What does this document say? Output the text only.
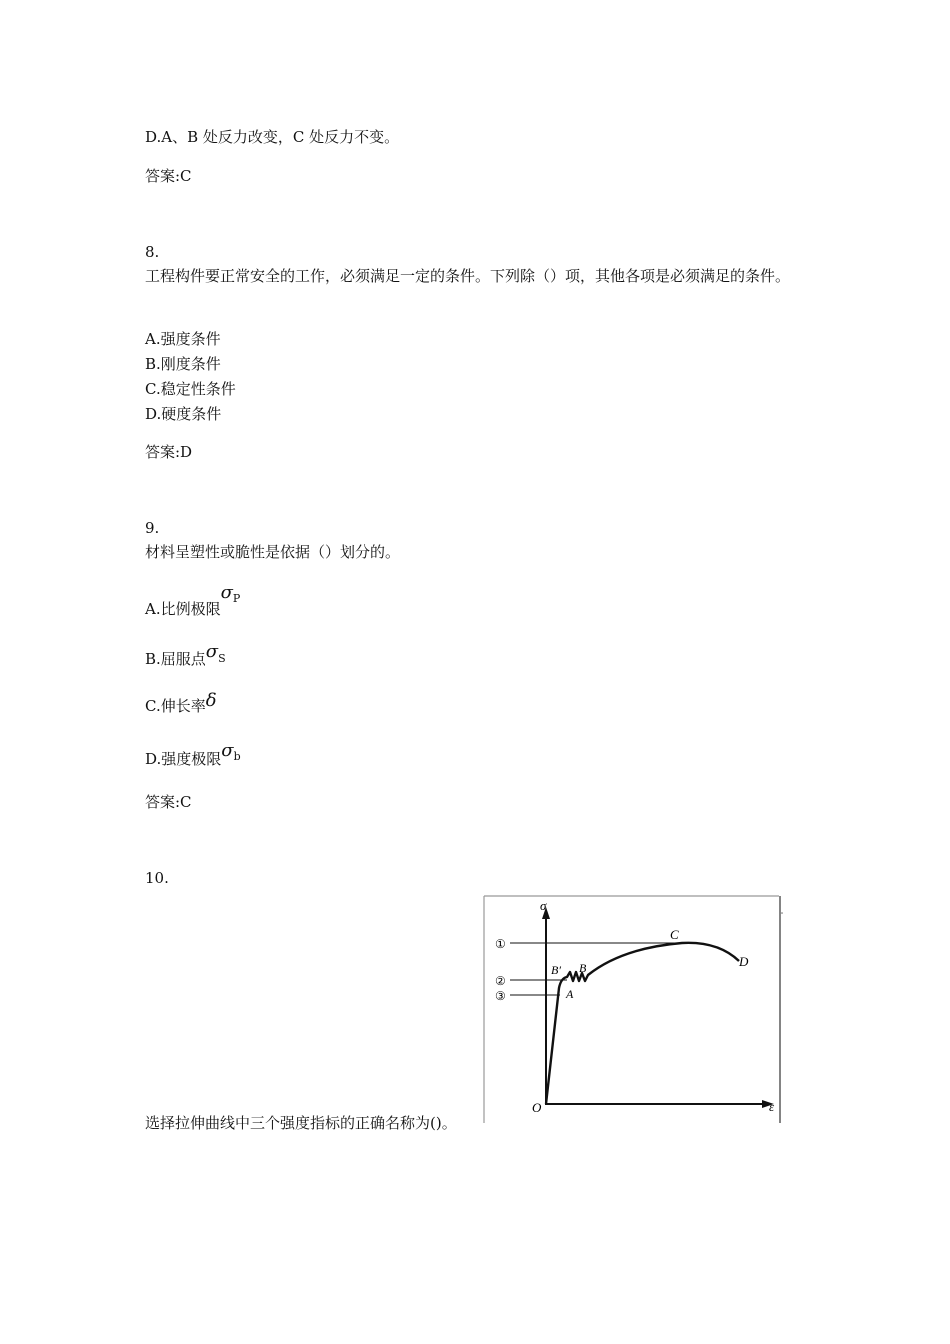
D.A、B 处反力改变，C 处反力不变。
答案:C
8.
工程构件要正常安全的工作，必须满足一定的条件。下列除（）项，其他各项是必须满足的条件。
A.强度条件
B.刚度条件
C.稳定性条件
D.硬度条件
答案:D
9.
材料呈塑性或脆性是依据（）划分的。
A.比例极限$\sigma^P$
B.屈服点σS
C.伸长率δ
D.强度极限$\sigma^b$
答案:C
10.
选择拉伸曲线中三个强度指标的正确名称为()。
σ
ε
O
①
②
③
B′ B
A
C
D
